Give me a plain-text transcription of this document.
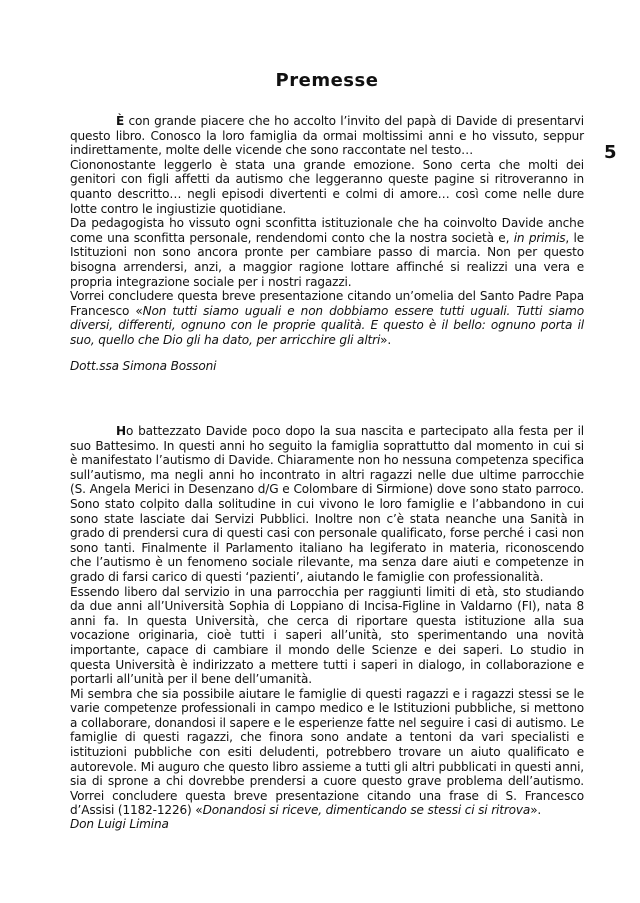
5
Premesse

È con grande piacere che ho accolto l’invito del papà di Davide di presentarvi questo libro. Conosco la loro famiglia da ormai moltissimi anni e ho vissuto, seppur indirettamente, molte delle vicende che sono raccontate nel testo…

Ciononostante leggerlo è stata una grande emozione. Sono certa che molti dei genitori con figli affetti da autismo che leggeranno queste pagine si ritroveranno in quanto descritto… negli episodi divertenti e colmi di amore… così come nelle dure lotte contro le ingiustizie quotidiane.

Da pedagogista ho vissuto ogni sconfitta istituzionale che ha coinvolto Davide anche come una sconfitta personale, rendendomi conto che la nostra società e, in primis, le Istituzioni non sono ancora pronte per cambiare passo di marcia. Non per questo bisogna arrendersi, anzi, a maggior ragione lottare affinché si realizzi una vera e propria integrazione sociale per i nostri ragazzi.

Vorrei concludere questa breve presentazione citando un’omelia del Santo Padre Papa Francesco «Non tutti siamo uguali e non dobbiamo essere tutti uguali. Tutti siamo diversi, differenti, ognuno con le proprie qualità. E questo è il bello: ognuno porta il suo, quello che Dio gli ha dato, per arricchire gli altri».

Dott.ssa Simona Bossoni

Ho battezzato Davide poco dopo la sua nascita e partecipato alla festa per il suo Battesimo. In questi anni ho seguito la famiglia soprattutto dal momento in cui si è manifestato l’autismo di Davide. Chiaramente non ho nessuna competenza specifica sull’autismo, ma negli anni ho incontrato in altri ragazzi nelle due ultime parrocchie (S. Angela Merici in Desenzano d/G e Colombare di Sirmione) dove sono stato parroco. Sono stato colpito dalla solitudine in cui vivono le loro famiglie e l’abbandono in cui sono state lasciate dai Servizi Pubblici. Inoltre non c’è stata neanche una Sanità in grado di prendersi cura di questi casi con personale qualificato, forse perché i casi non sono tanti. Finalmente il Parlamento italiano ha legiferato in materia, riconoscendo che l’autismo è un fenomeno sociale rilevante, ma senza dare aiuti e competenze in grado di farsi carico di questi ‘pazienti’, aiutando le famiglie con professionalità.

Essendo libero dal servizio in una parrocchia per raggiunti limiti di età, sto studiando da due anni all’Università Sophia di Loppiano di Incisa-Figline in Valdarno (FI), nata 8 anni fa. In questa Università, che cerca di riportare questa istituzione alla sua vocazione originaria, cioè tutti i saperi all’unità, sto sperimentando una novità importante, capace di cambiare il mondo delle Scienze e dei saperi. Lo studio in questa Università è indirizzato a mettere tutti i saperi in dialogo, in collaborazione e portarli all’unità per il bene dell’umanità.

Mi sembra che sia possibile aiutare le famiglie di questi ragazzi e i ragazzi stessi se le varie competenze professionali in campo medico e le Istituzioni pubbliche, si mettono a collaborare, donandosi il sapere e le esperienze fatte nel seguire i casi di autismo. Le famiglie di questi ragazzi, che finora sono andate a tentoni da vari specialisti e istituzioni pubbliche con esiti deludenti, potrebbero trovare un aiuto qualificato e autorevole. Mi auguro che questo libro assieme a tutti gli altri pubblicati in questi anni, sia di sprone a chi dovrebbe prendersi a cuore questo grave problema dell’autismo. Vorrei concludere questa breve presentazione citando una frase di S. Francesco d’Assisi (1182-1226) «Donandosi si riceve, dimenticando se stessi ci si ritrova».

Don Luigi Limina
